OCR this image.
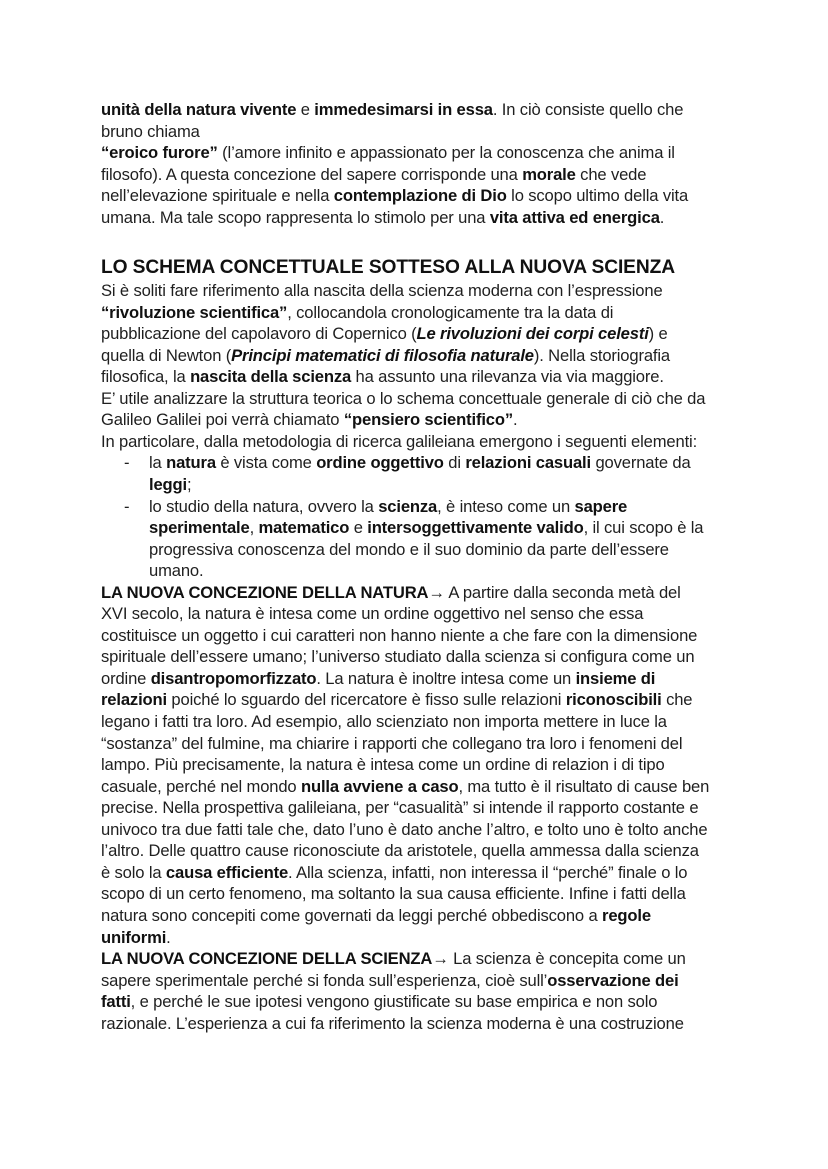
unità della natura vivente e immedesimarsi in essa. In ciò consiste quello che
bruno chiama
“eroico furore” (l’amore infinito e appassionato per la conoscenza che anima il
filosofo). A questa concezione del sapere corrisponde una morale che vede
nell’elevazione spirituale e nella contemplazione di Dio lo scopo ultimo della vita
umana. Ma tale scopo rappresenta lo stimolo per una vita attiva ed energica.
LO SCHEMA CONCETTUALE SOTTESO ALLA NUOVA SCIENZA
Si è soliti fare riferimento alla nascita della scienza moderna con l’espressione
“rivoluzione scientifica”, collocandola cronologicamente tra la data di
pubblicazione del capolavoro di Copernico (Le rivoluzioni dei corpi celesti) e
quella di Newton (Principi matematici di filosofia naturale). Nella storiografia
filosofica, la nascita della scienza ha assunto una rilevanza via via maggiore.
E’ utile analizzare la struttura teorica o lo schema concettuale generale di ciò che da
Galileo Galilei poi verrà chiamato “pensiero scientifico”.
In particolare, dalla metodologia di ricerca galileiana emergono i seguenti elementi:
- la natura è vista come ordine oggettivo di relazioni casuali governate da
leggi;
- lo studio della natura, ovvero la scienza, è inteso come un sapere
sperimentale, matematico e intersoggettivamente valido, il cui scopo è la
progressiva conoscenza del mondo e il suo dominio da parte dell’essere
umano.
LA NUOVA CONCEZIONE DELLA NATURA→ A partire dalla seconda metà del
XVI secolo, la natura è intesa come un ordine oggettivo nel senso che essa
costituisce un oggetto i cui caratteri non hanno niente a che fare con la dimensione
spirituale dell’essere umano; l’universo studiato dalla scienza si configura come un
ordine disantropomorfizzato. La natura è inoltre intesa come un insieme di
relazioni poiché lo sguardo del ricercatore è fisso sulle relazioni riconoscibili che
legano i fatti tra loro. Ad esempio, allo scienziato non importa mettere in luce la
“sostanza” del fulmine, ma chiarire i rapporti che collegano tra loro i fenomeni del
lampo. Più precisamente, la natura è intesa come un ordine di relazion i di tipo
casuale, perché nel mondo nulla avviene a caso, ma tutto è il risultato di cause ben
precise. Nella prospettiva galileiana, per “casualità” si intende il rapporto costante e
univoco tra due fatti tale che, dato l’uno è dato anche l’altro, e tolto uno è tolto anche
l’altro. Delle quattro cause riconosciute da aristotele, quella ammessa dalla scienza
è solo la causa efficiente. Alla scienza, infatti, non interessa il “perché” finale o lo
scopo di un certo fenomeno, ma soltanto la sua causa efficiente. Infine i fatti della
natura sono concepiti come governati da leggi perché obbediscono a regole
uniformi.
LA NUOVA CONCEZIONE DELLA SCIENZA→ La scienza è concepita come un
sapere sperimentale perché si fonda sull’esperienza, cioè sull’osservazione dei
fatti, e perché le sue ipotesi vengono giustificate su base empirica e non solo
razionale. L’esperienza a cui fa riferimento la scienza moderna è una costruzione
